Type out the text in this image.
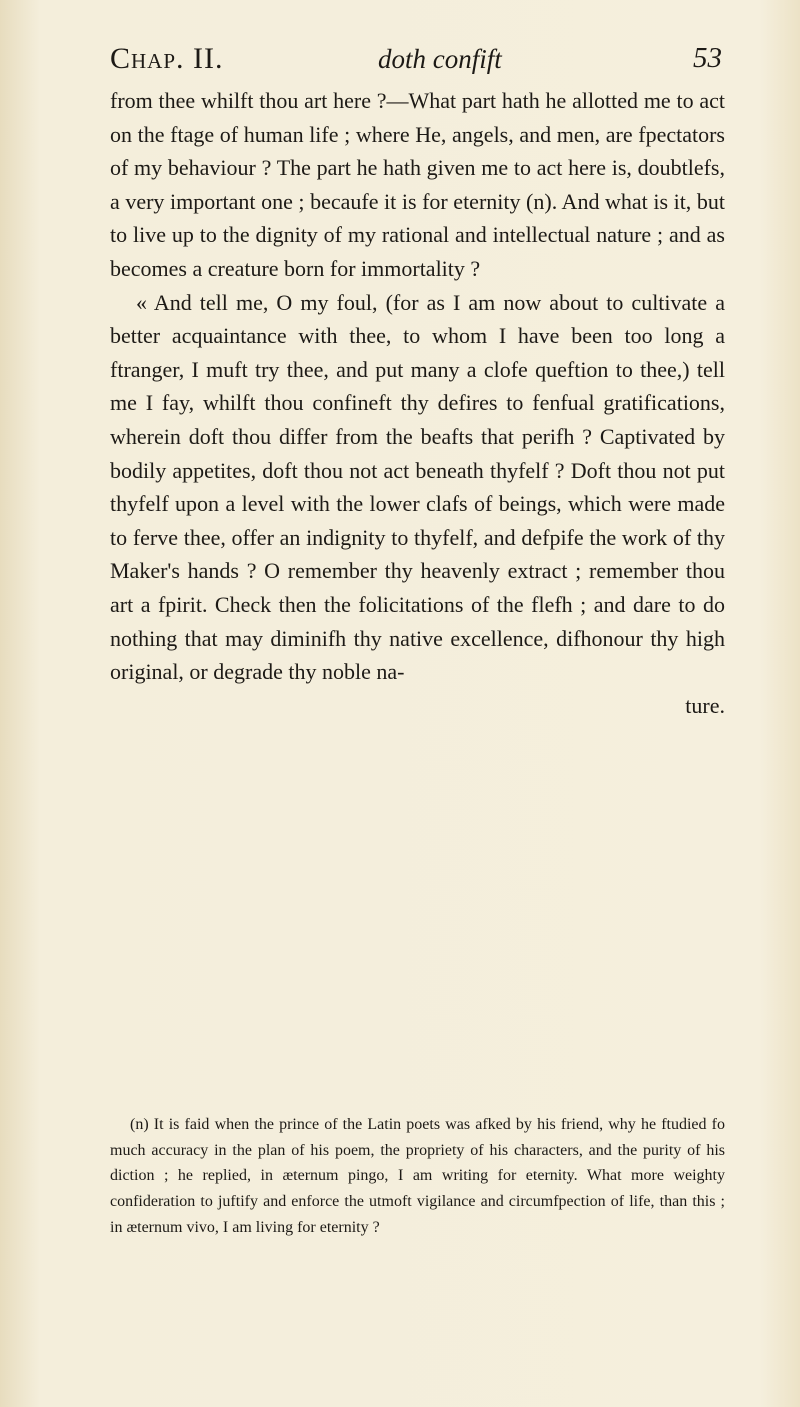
Chap. II.	doth confift	53

from thee whilft thou art here ?—What part hath he allotted me to act on the ftage of human life ; where He, angels, and men, are fpectators of my behaviour ? The part he hath given me to act here is, doubtlefs, a very important one ; becaufe it is for eternity (n). And what is it, but to live up to the dignity of my rational and intellectual nature ; and as becomes a creature born for immortality ?

« And tell me, O my foul, (for as I am now about to cultivate a better acquaintance with thee, to whom I have been too long a ftranger, I muft try thee, and put many a clofe queftion to thee,) tell me I fay, whilft thou confineft thy defires to fenfual gratifications, wherein doft thou differ from the beafts that perifh ? Captivated by bodily appetites, doft thou not act beneath thyfelf ? Doft thou not put thyfelf upon a level with the lower clafs of beings, which were made to ferve thee, offer an indignity to thyfelf, and defpife the work of thy Maker's hands ? O remember thy heavenly extract ; remember thou art a fpirit. Check then the folicitations of the flefh ; and dare to do nothing that may diminifh thy native excellence, difhonour thy high original, or degrade thy noble na-

ture.

(n) It is faid when the prince of the Latin poets was afked by his friend, why he ftudied fo much accuracy in the plan of his poem, the propriety of his characters, and the purity of his diction ; he replied, in æternum pingo, I am writing for eternity. What more weighty confideration to juftify and enforce the utmoft vigilance and circumfpection of life, than this ; in æternum vivo, I am living for eternity ?
